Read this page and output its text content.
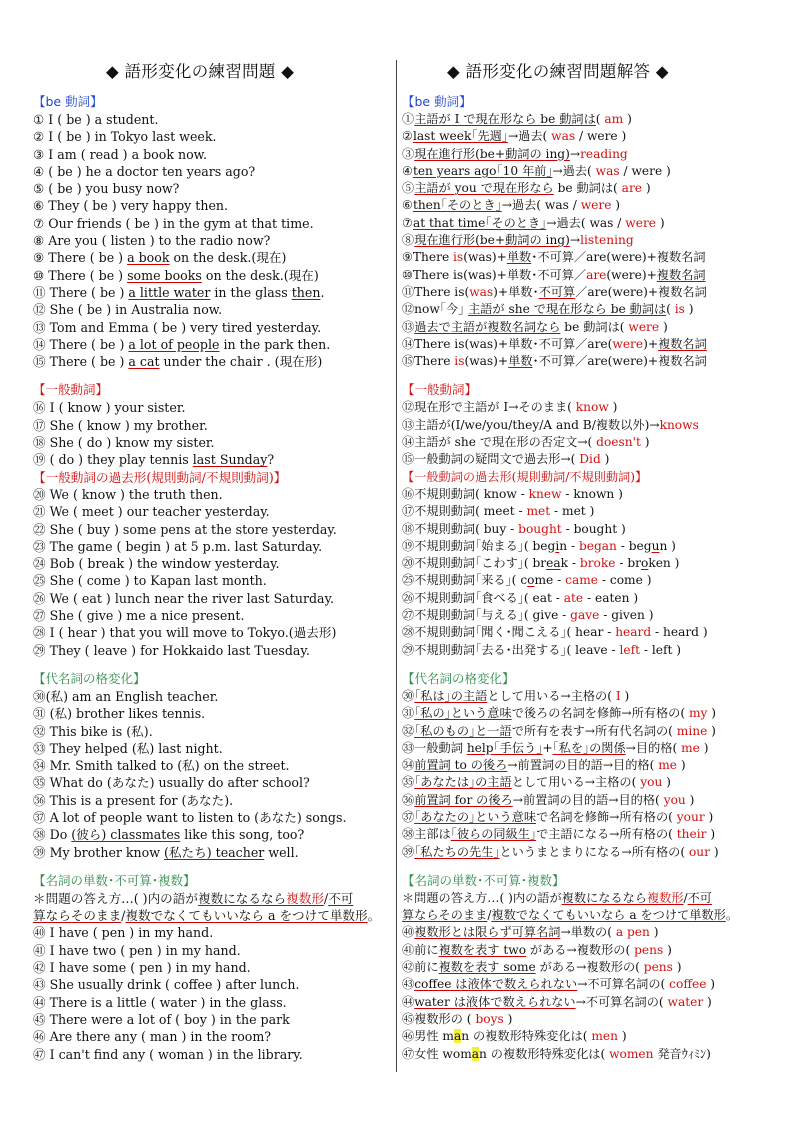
◆ 語形変化の練習問題 ◆	◆ 語形変化の練習問題解答 ◆
【be 動詞】
① I ( be ) a student.
② I ( be ) in Tokyo last week.
③ I am ( read ) a book now.
④ ( be ) he a doctor ten years ago?
⑤ ( be ) you busy now?
⑥ They ( be ) very happy then.
⑦ Our friends ( be ) in the gym at that time.
⑧ Are you ( listen ) to the radio now?
⑨ There ( be ) a book on the desk.(現在)
⑩ There ( be ) some books on the desk.(現在)
⑪ There ( be ) a little water in the glass then.
⑫ She ( be ) in Australia now.
⑬ Tom and Emma ( be ) very tired yesterday.
⑭ There ( be ) a lot of people in the park then.
⑮ There ( be ) a cat under the chair . (現在形)
【一般動詞】
⑯ I ( know ) your sister.
⑰ She ( know ) my brother.
⑱ She ( do ) know my sister.
⑲ ( do ) they play tennis last Sunday?
【一般動詞の過去形(規則動詞/不規則動詞)】
⑳ We ( know ) the truth then.
㉑ We ( meet ) our teacher yesterday.
㉒ She ( buy ) some pens at the store yesterday.
㉓ The game ( begin ) at 5 p.m. last Saturday.
㉔ Bob ( break ) the window yesterday.
㉕ She ( come ) to Kapan last month.
㉖ We ( eat ) lunch near the river last Saturday.
㉗ She ( give ) me a nice present.
㉘ I ( hear ) that you will move to Tokyo.(過去形)
㉙ They ( leave ) for Hokkaido last Tuesday.
【代名詞の格変化】
㉚(私) am an English teacher.
㉛ (私) brother likes tennis.
㉜ This bike is (私).
㉝ They helped (私) last night.
㉞ Mr. Smith talked to (私) on the street.
㉟ What do (あなた) usually do after school?
㊱ This is a present for (あなた).
㊲ A lot of people want to listen to (あなた) songs.
㊳ Do (彼ら) classmates like this song, too?
㊴ My brother know (私たち) teacher well.
【名詞の単数･不可算･複数】
＊問題の答え方…( )内の語が複数になるなら複数形/不可
算ならそのまま/複数でなくてもいいなら a をつけて単数形。
㊵ I have ( pen ) in my hand.
㊶ I have two ( pen ) in my hand.
㊷ I have some ( pen ) in my hand.
㊸ She usually drink ( coffee ) after lunch.
㊹ There is a little ( water ) in the glass.
㊺ There were a lot of ( boy ) in the park
㊻ Are there any ( man ) in the room?
㊼ I can't find any ( woman ) in the library.
【be 動詞】
①主語が I で現在形なら be 動詞は( am )
②last week｢先週｣→過去( was / were )
③現在進行形(be+動詞の ing)→reading
④ten years ago｢10 年前｣→過去( was / were )
⑤主語が you で現在形なら be 動詞は( are )
⑥then｢そのとき｣→過去( was / were )
⑦at that time｢そのとき｣→過去( was / were )
⑧現在進行形(be+動詞の ing)→listening
⑨There is(was)+単数･不可算／are(were)+複数名詞
⑩There is(was)+単数･不可算／are(were)+複数名詞
⑪There is(was)+単数･不可算／are(were)+複数名詞
⑫now｢今｣ 主語が she で現在形なら be 動詞は( is )
⑬過去で主語が複数名詞なら be 動詞は( were )
⑭There is(was)+単数･不可算／are(were)+複数名詞
⑮There is(was)+単数･不可算／are(were)+複数名詞
【一般動詞】
⑫現在形で主語が I→そのまま( know )
⑬主語が(I/we/you/they/A and B/複数以外)→knows
⑭主語が she で現在形の否定文→( doesn't )
⑮一般動詞の疑問文で過去形→( Did )
【一般動詞の過去形(規則動詞/不規則動詞)】
⑯不規則動詞( know - knew - known )
⑰不規則動詞( meet - met - met )
⑱不規則動詞( buy - bought - bought )
⑲不規則動詞｢始まる｣( begin - began - begun )
⑳不規則動詞｢こわす｣( break - broke - broken )
㉕不規則動詞｢来る｣( come - came - come )
㉖不規則動詞｢食べる｣( eat - ate - eaten )
㉗不規則動詞｢与える｣( give - gave - given )
㉘不規則動詞｢聞く･聞こえる｣( hear - heard - heard )
㉙不規則動詞｢去る･出発する｣( leave - left - left )
【代名詞の格変化】
㉚｢私は｣の主語として用いる→主格の( I )
㉛｢私の｣という意味で後ろの名詞を修飾→所有格の( my )
㉜｢私のもの｣と一語で所有を表す→所有代名詞の( mine )
㉝一般動詞 help｢手伝う｣+｢私を｣の関係→目的格( me )
㉞前置詞 to の後ろ→前置詞の目的語→目的格( me )
㉟｢あなたは｣の主語として用いる→主格の( you )
㊱前置詞 for の後ろ→前置詞の目的語→目的格( you )
㊲｢あなたの｣という意味で名詞を修飾→所有格の( your )
㊳主部は｢彼らの同級生｣で主語になる→所有格の( their )
㊴｢私たちの先生｣というまとまりになる→所有格の( our )
【名詞の単数･不可算･複数】
＊問題の答え方…( )内の語が複数になるなら複数形/不可
算ならそのまま/複数でなくてもいいなら a をつけて単数形。
㊵複数形とは限らず可算名詞→単数の( a pen )
㊶前に複数を表す two がある→複数形の( pens )
㊷前に複数を表す some がある→複数形の( pens )
㊸coffee は液体で数えられない→不可算名詞の( coffee )
㊹water は液体で数えられない→不可算名詞の( water )
㊺複数形の ( boys )
㊻男性 man の複数形特殊変化は( men )
㊼女性 woman の複数形特殊変化は( women 発音ｳｨﾐﾝ)
